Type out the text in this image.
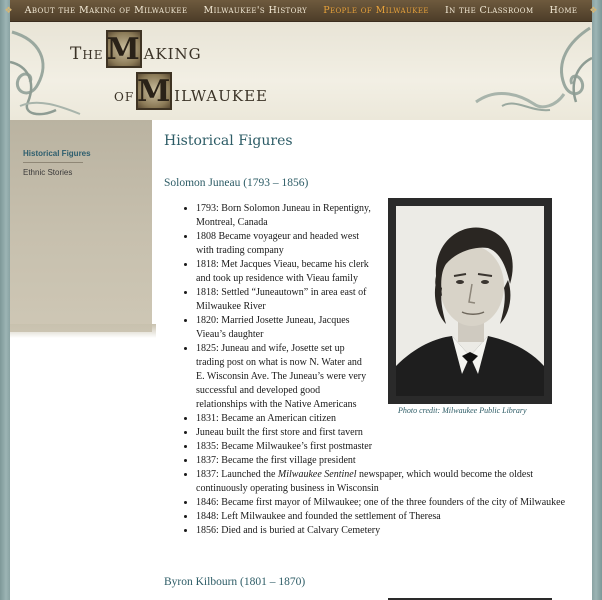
❖	About the Making of Milwaukee	Milwaukee's History	People of Milwaukee	In the Classroom	Home	❖
The M aking
of M ilwaukee
Historical Figures
Ethnic Stories
Historical Figures
Solomon Juneau (1793 – 1856)
• 1793: Born Solomon Juneau in Repentigny, Montreal, Canada
• 1808 Became voyageur and headed west with trading company
• 1818: Met Jacques Vieau, became his clerk and took up residence with Vieau family
• 1818: Settled “Juneautown” in area east of Milwaukee River
• 1820: Married Josette Juneau, Jacques Vieau’s daughter
• 1825: Juneau and wife, Josette set up trading post on what is now N. Water and E. Wisconsin Ave. The Juneau’s were very successful and developed good relationships with the Native Americans
• 1831: Became an American citizen
• Juneau built the first store and first tavern
• 1835: Became Milwaukee’s first postmaster
• 1837: Became the first village president
• 1837: Launched the Milwaukee Sentinel newspaper, which would become the oldest continuously operating business in Wisconsin
• 1846: Became first mayor of Milwaukee; one of the three founders of the city of Milwaukee
• 1848: Left Milwaukee and founded the settlement of Theresa
• 1856: Died and is buried at Calvary Cemetery
Byron Kilbourn (1801 – 1870)
Photo credit: Milwaukee Public Library
